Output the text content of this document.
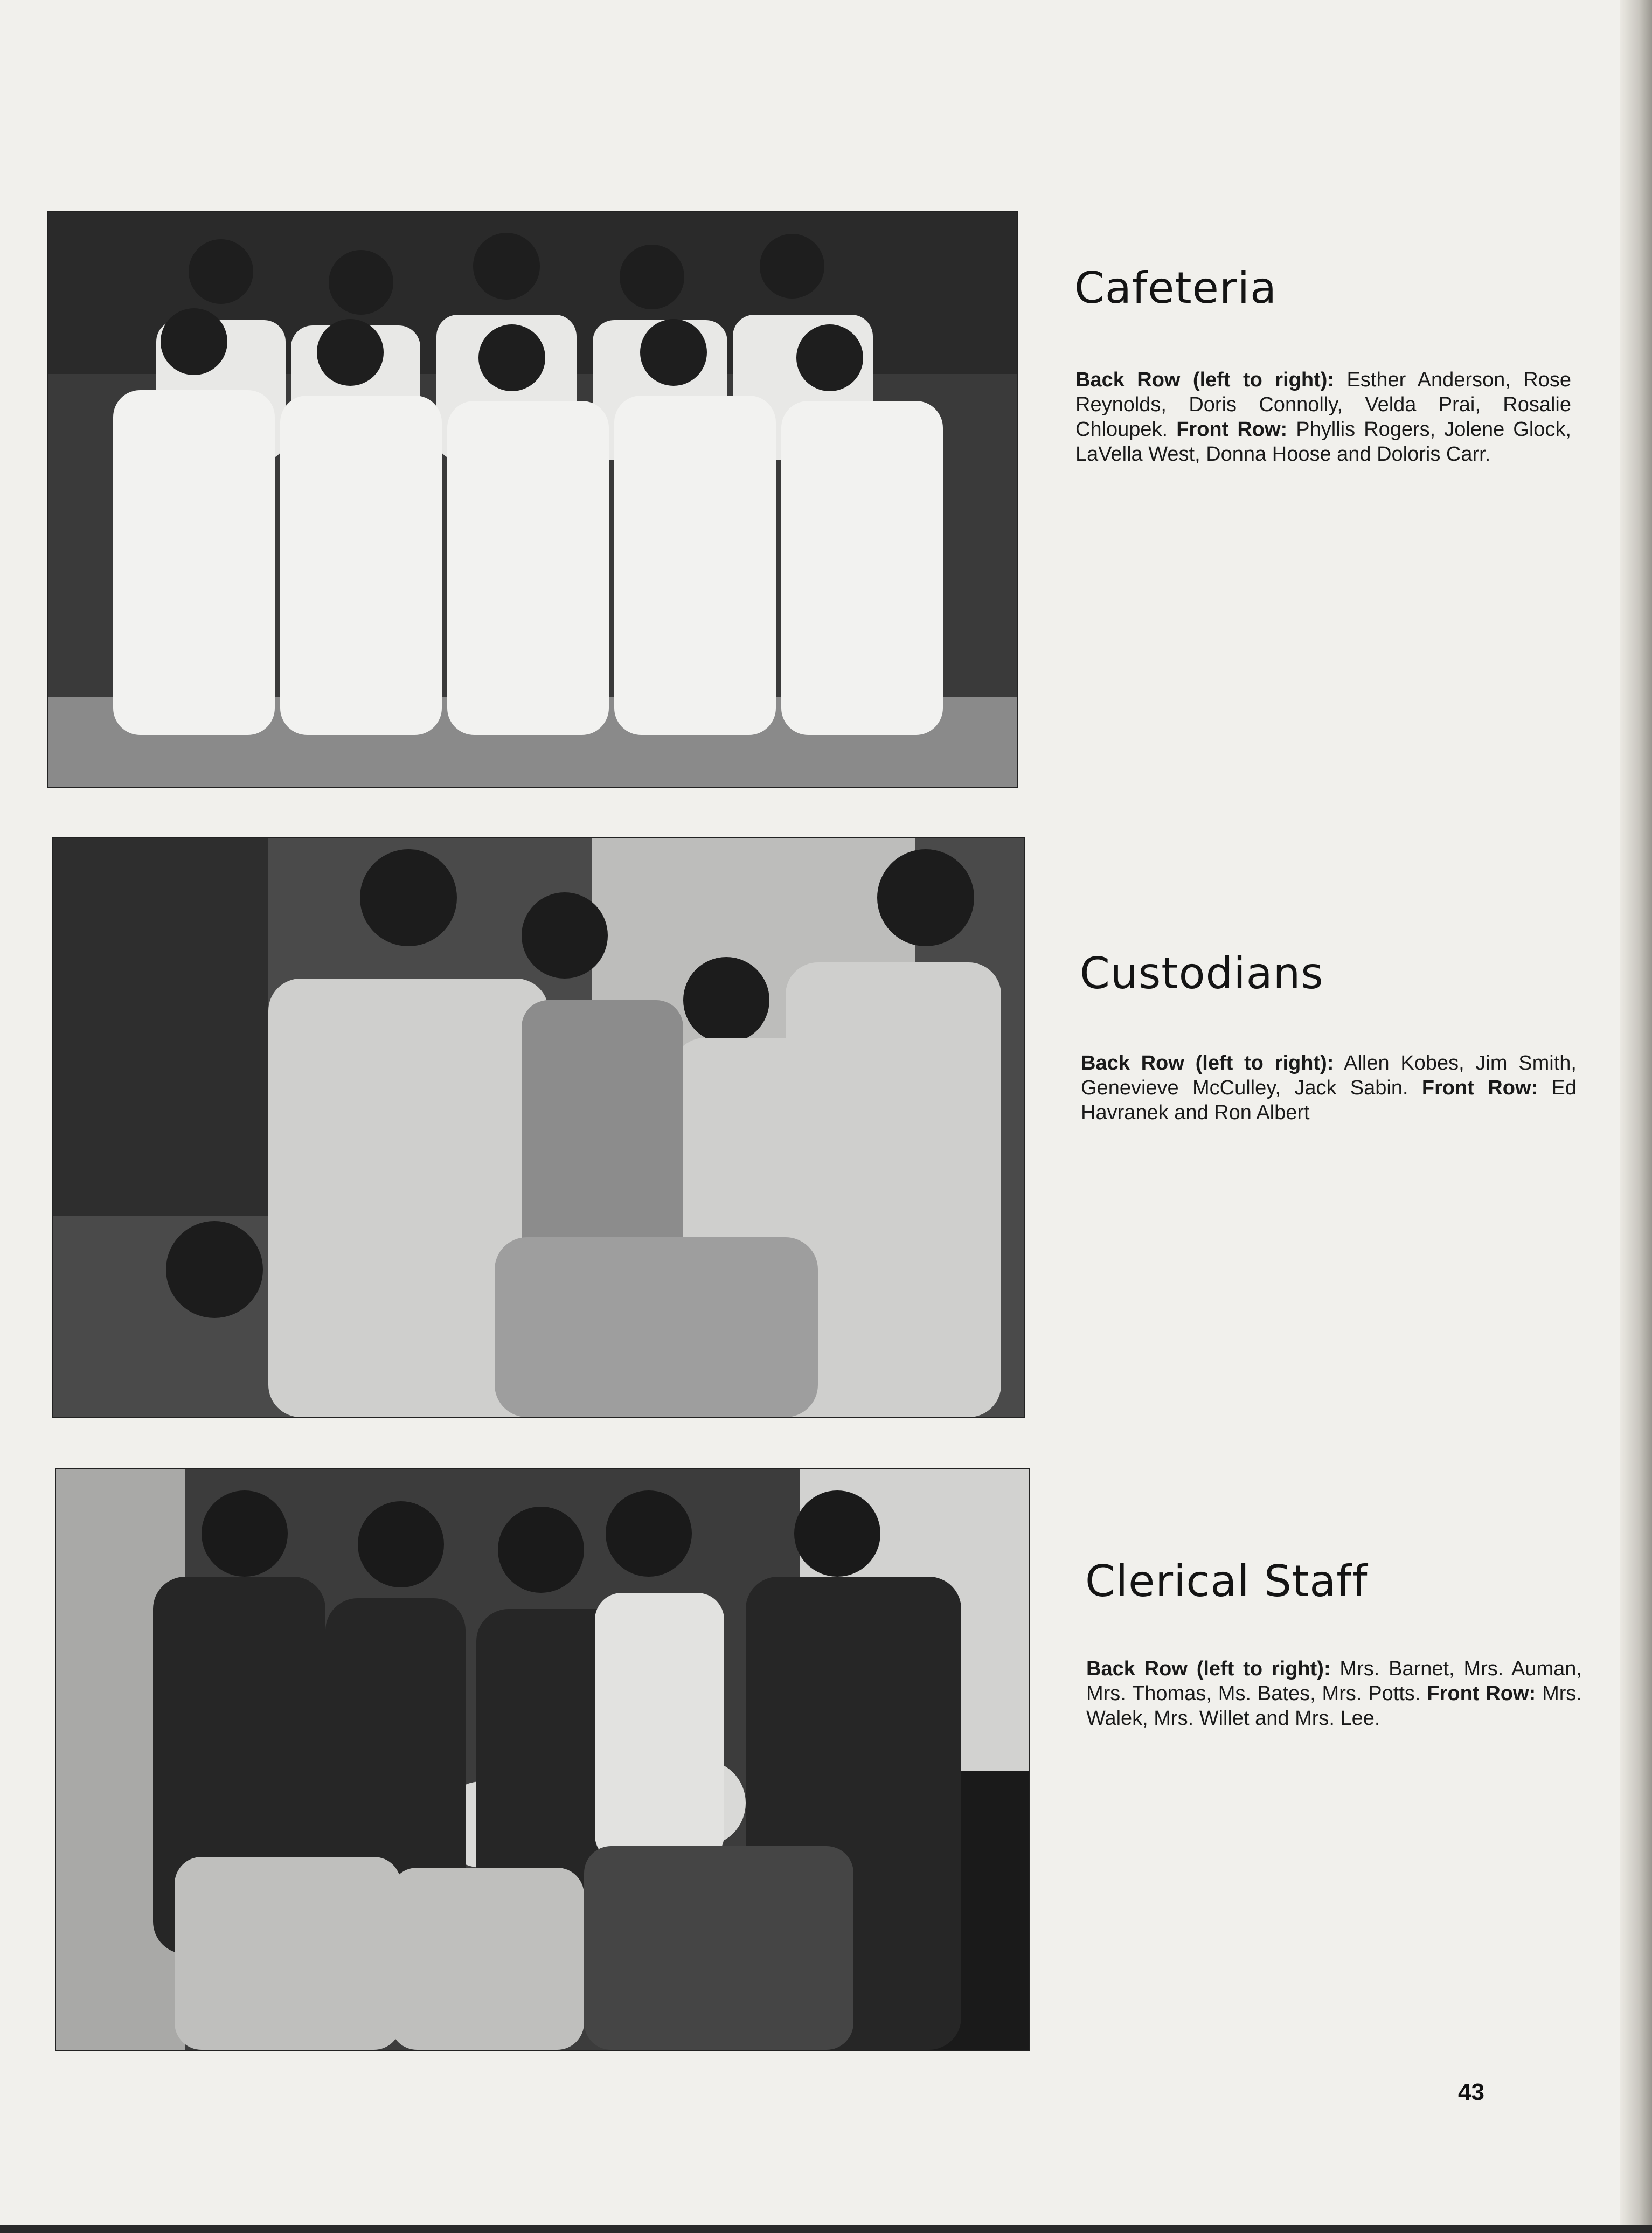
Cafeteria
Back Row (left to right): Esther Anderson, Rose Reynolds, Doris Connolly, Velda Prai, Rosalie Chloupek. Front Row: Phyllis Rogers, Jolene Glock, LaVella West, Donna Hoose and Doloris Carr.
Custodians
Back Row (left to right): Allen Kobes, Jim Smith, Genevieve McCulley, Jack Sabin. Front Row: Ed Havranek and Ron Albert
Clerical Staff
Back Row (left to right): Mrs. Barnet, Mrs. Auman, Mrs. Thomas, Ms. Bates, Mrs. Potts. Front Row: Mrs. Walek, Mrs. Willet and Mrs. Lee.
43
